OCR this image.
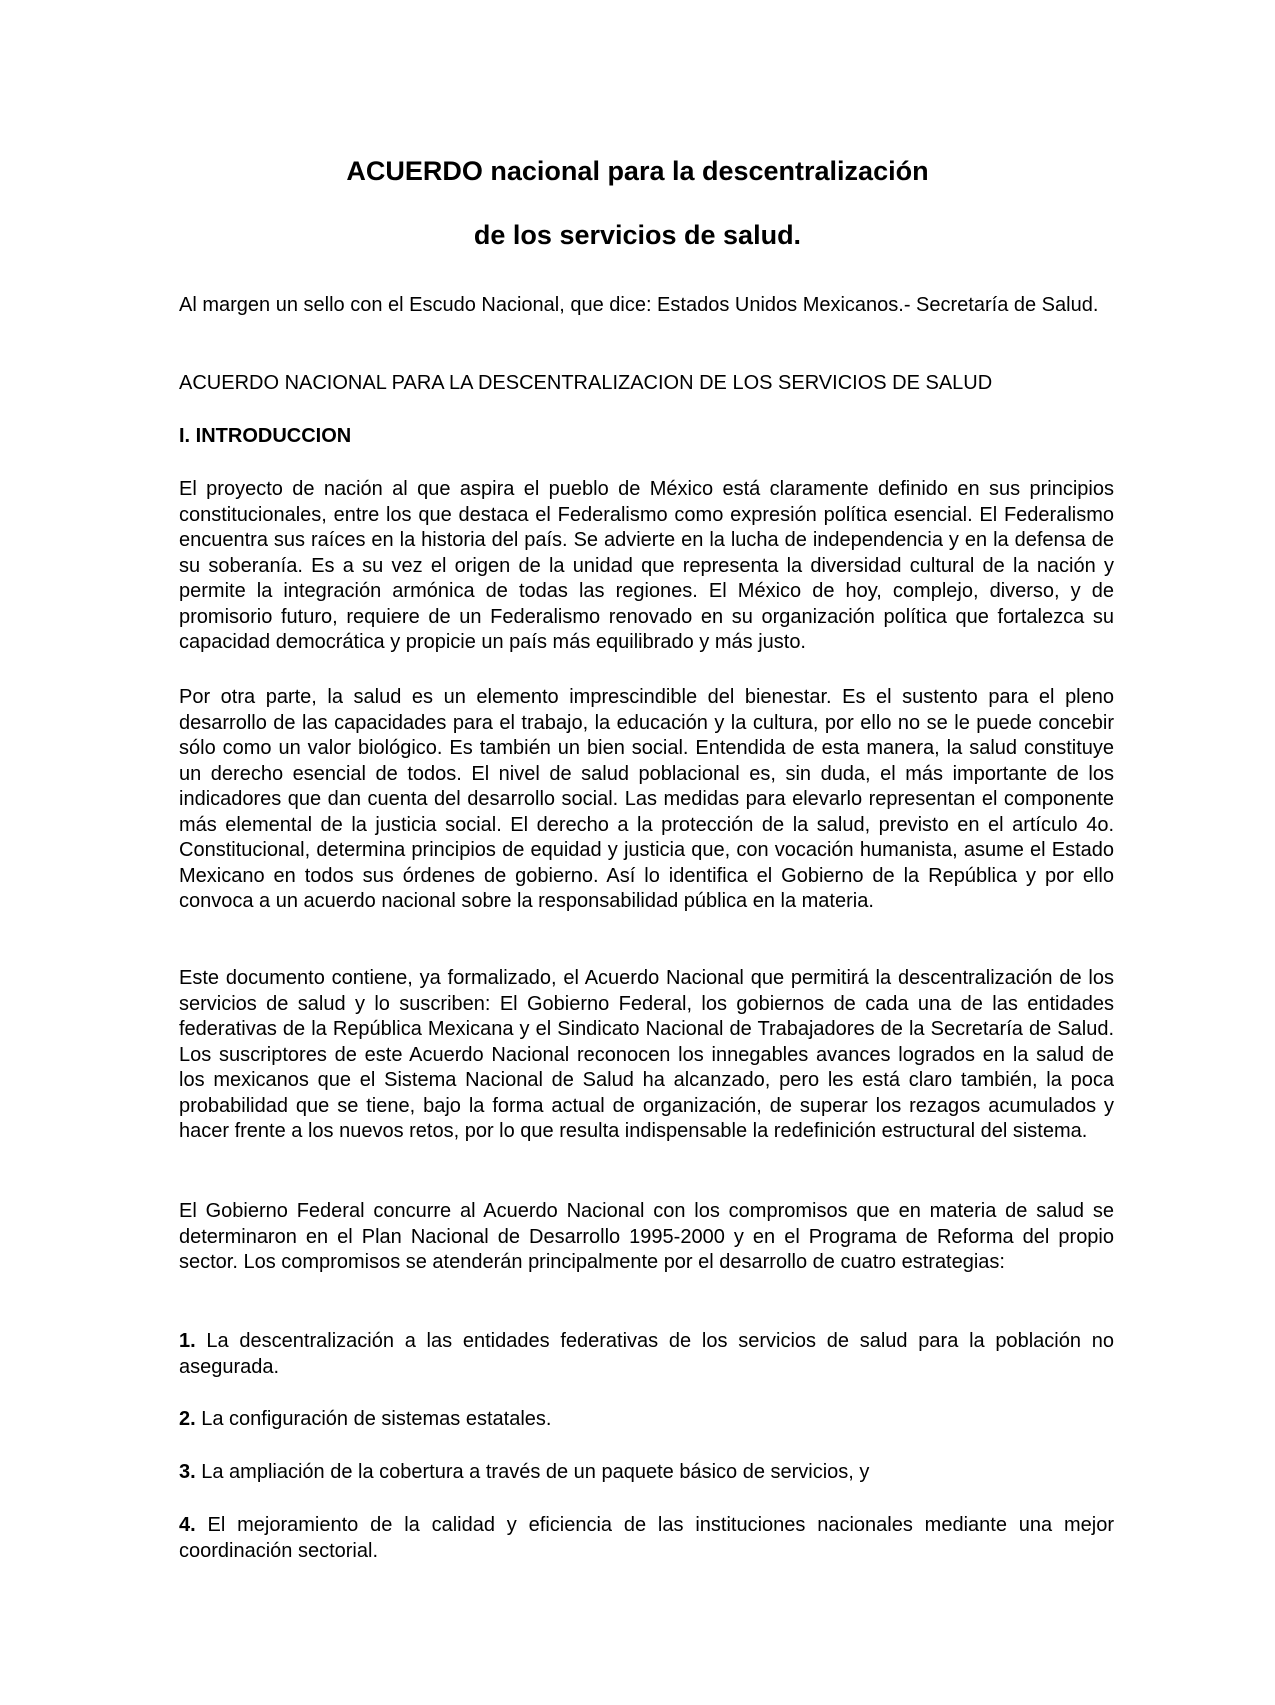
ACUERDO nacional para la descentralización
de los servicios de salud.

Al margen un sello con el Escudo Nacional, que dice: Estados Unidos Mexicanos.- Secretaría de Salud.

ACUERDO NACIONAL PARA LA DESCENTRALIZACION DE LOS SERVICIOS DE SALUD

I. INTRODUCCION

El proyecto de nación al que aspira el pueblo de México está claramente definido en sus principios constitucionales, entre los que destaca el Federalismo como expresión política esencial. El Federalismo encuentra sus raíces en la historia del país. Se advierte en la lucha de independencia y en la defensa de su soberanía. Es a su vez el origen de la unidad que representa la diversidad cultural de la nación y permite la integración armónica de todas las regiones. El México de hoy, complejo, diverso, y de promisorio futuro, requiere de un Federalismo renovado en su organización política que fortalezca su capacidad democrática y propicie un país más equilibrado y más justo.

Por otra parte, la salud es un elemento imprescindible del bienestar. Es el sustento para el pleno desarrollo de las capacidades para el trabajo, la educación y la cultura, por ello no se le puede concebir sólo como un valor biológico. Es también un bien social. Entendida de esta manera, la salud constituye un derecho esencial de todos. El nivel de salud poblacional es, sin duda, el más importante de los indicadores que dan cuenta del desarrollo social. Las medidas para elevarlo representan el componente más elemental de la justicia social. El derecho a la protección de la salud, previsto en el artículo 4o. Constitucional, determina principios de equidad y justicia que, con vocación humanista, asume el Estado Mexicano en todos sus órdenes de gobierno. Así lo identifica el Gobierno de la República y por ello convoca a un acuerdo nacional sobre la responsabilidad pública en la materia.

Este documento contiene, ya formalizado, el Acuerdo Nacional que permitirá la descentralización de los servicios de salud y lo suscriben: El Gobierno Federal, los gobiernos de cada una de las entidades federativas de la República Mexicana y el Sindicato Nacional de Trabajadores de la Secretaría de Salud. Los suscriptores de este Acuerdo Nacional reconocen los innegables avances logrados en la salud de los mexicanos que el Sistema Nacional de Salud ha alcanzado, pero les está claro también, la poca probabilidad que se tiene, bajo la forma actual de organización, de superar los rezagos acumulados y hacer frente a los nuevos retos, por lo que resulta indispensable la redefinición estructural del sistema.

El Gobierno Federal concurre al Acuerdo Nacional con los compromisos que en materia de salud se determinaron en el Plan Nacional de Desarrollo 1995-2000 y en el Programa de Reforma del propio sector. Los compromisos se atenderán principalmente por el desarrollo de cuatro estrategias:

1. La descentralización a las entidades federativas de los servicios de salud para la población no asegurada.

2. La configuración de sistemas estatales.

3. La ampliación de la cobertura a través de un paquete básico de servicios, y

4. El mejoramiento de la calidad y eficiencia de las instituciones nacionales mediante una mejor coordinación sectorial.
